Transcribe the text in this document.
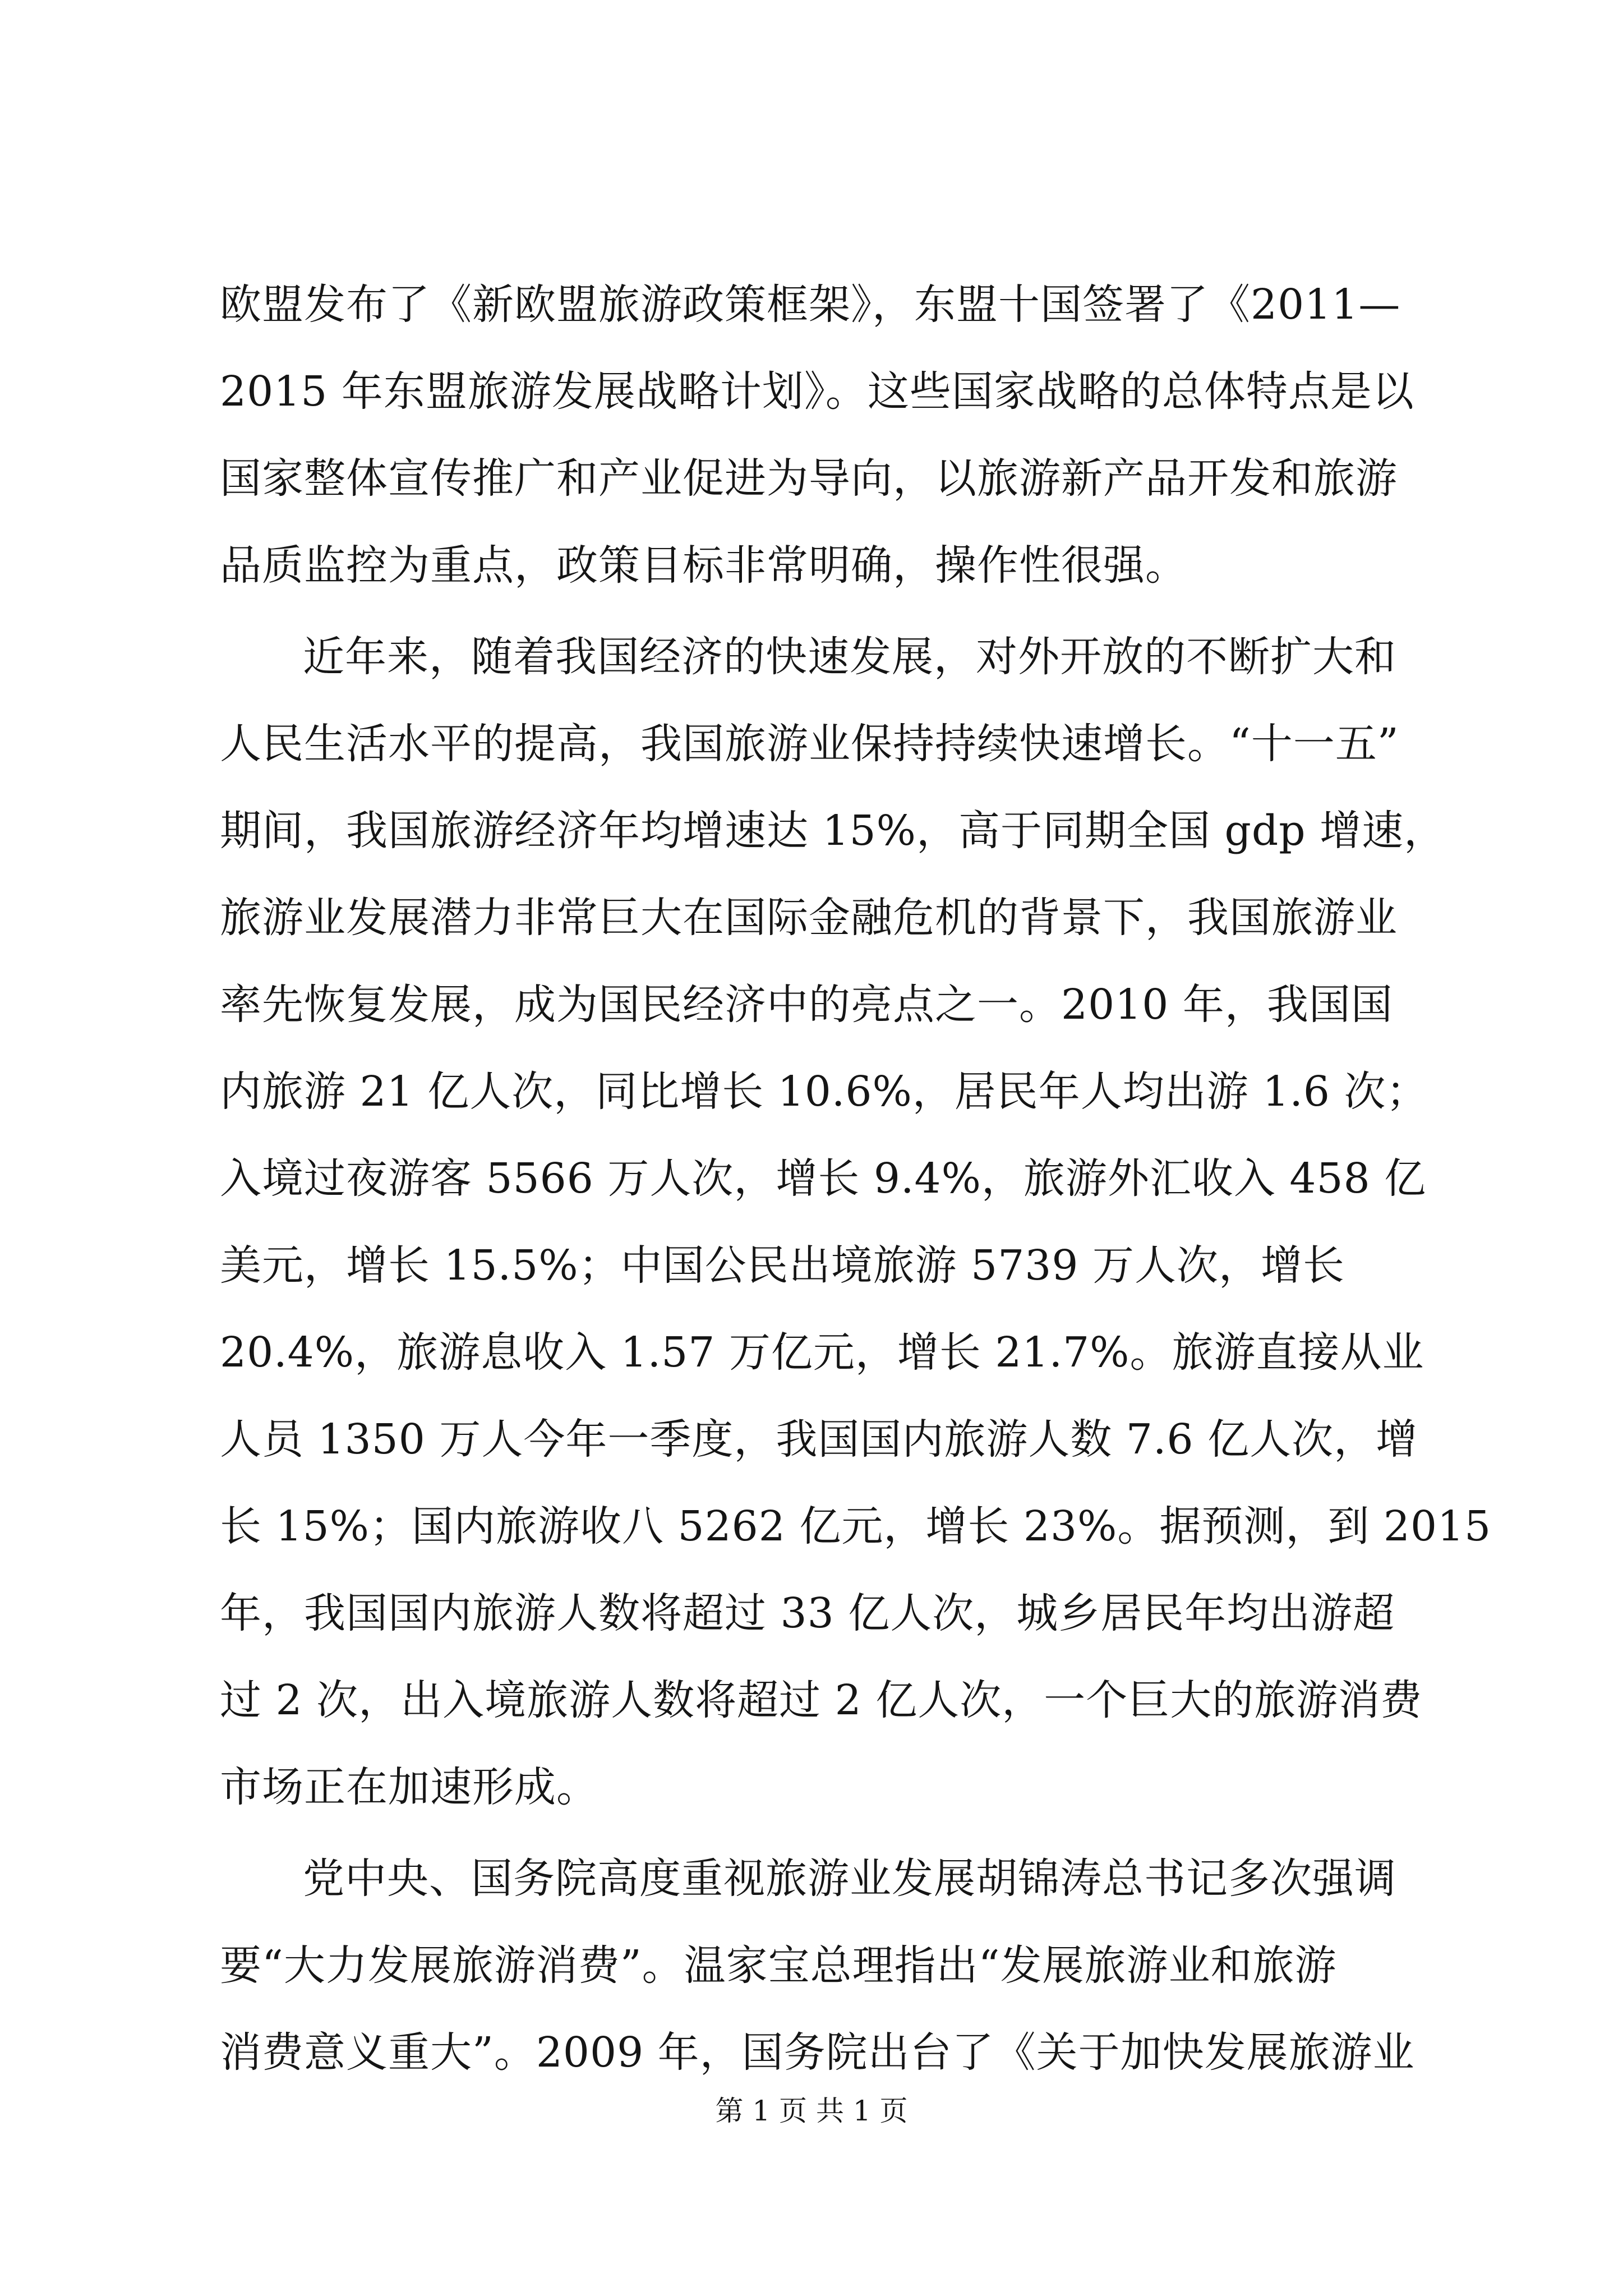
欧盟发布了《新欧盟旅游政策框架》，东盟十国签署了《2011—
2015 年东盟旅游发展战略计划》。这些国家战略的总体特点是以
国家整体宣传推广和产业促进为导向，以旅游新产品开发和旅游
品质监控为重点，政策目标非常明确，操作性很强。
近年来，随着我国经济的快速发展，对外开放的不断扩大和
人民生活水平的提高，我国旅游业保持持续快速增长。“十一五”
期间，我国旅游经济年均增速达 15%，高于同期全国 gdp 增速，
旅游业发展潜力非常巨大在国际金融危机的背景下，我国旅游业
率先恢复发展，成为国民经济中的亮点之一。2010 年，我国国
内旅游 21 亿人次，同比增长 10.6%，居民年人均出游 1.6 次；
入境过夜游客 5566 万人次，增长 9.4%，旅游外汇收入 458 亿
美元，增长 15.5%；中国公民出境旅游 5739 万人次，增长
20.4%，旅游息收入 1.57 万亿元，增长 21.7%。旅游直接从业
人员 1350 万人今年一季度，我国国内旅游人数 7.6 亿人次，增
长 15%；国内旅游收八 5262 亿元，增长 23%。据预测，到 2015
年，我国国内旅游人数将超过 33 亿人次，城乡居民年均出游超
过 2 次，出入境旅游人数将超过 2 亿人次，一个巨大的旅游消费
市场正在加速形成。
党中央、国务院高度重视旅游业发展胡锦涛总书记多次强调
要“大力发展旅游消费”。温家宝总理指出“发展旅游业和旅游
消费意义重大”。2009 年，国务院出台了《关于加快发展旅游业
第 1 页 共 1 页
